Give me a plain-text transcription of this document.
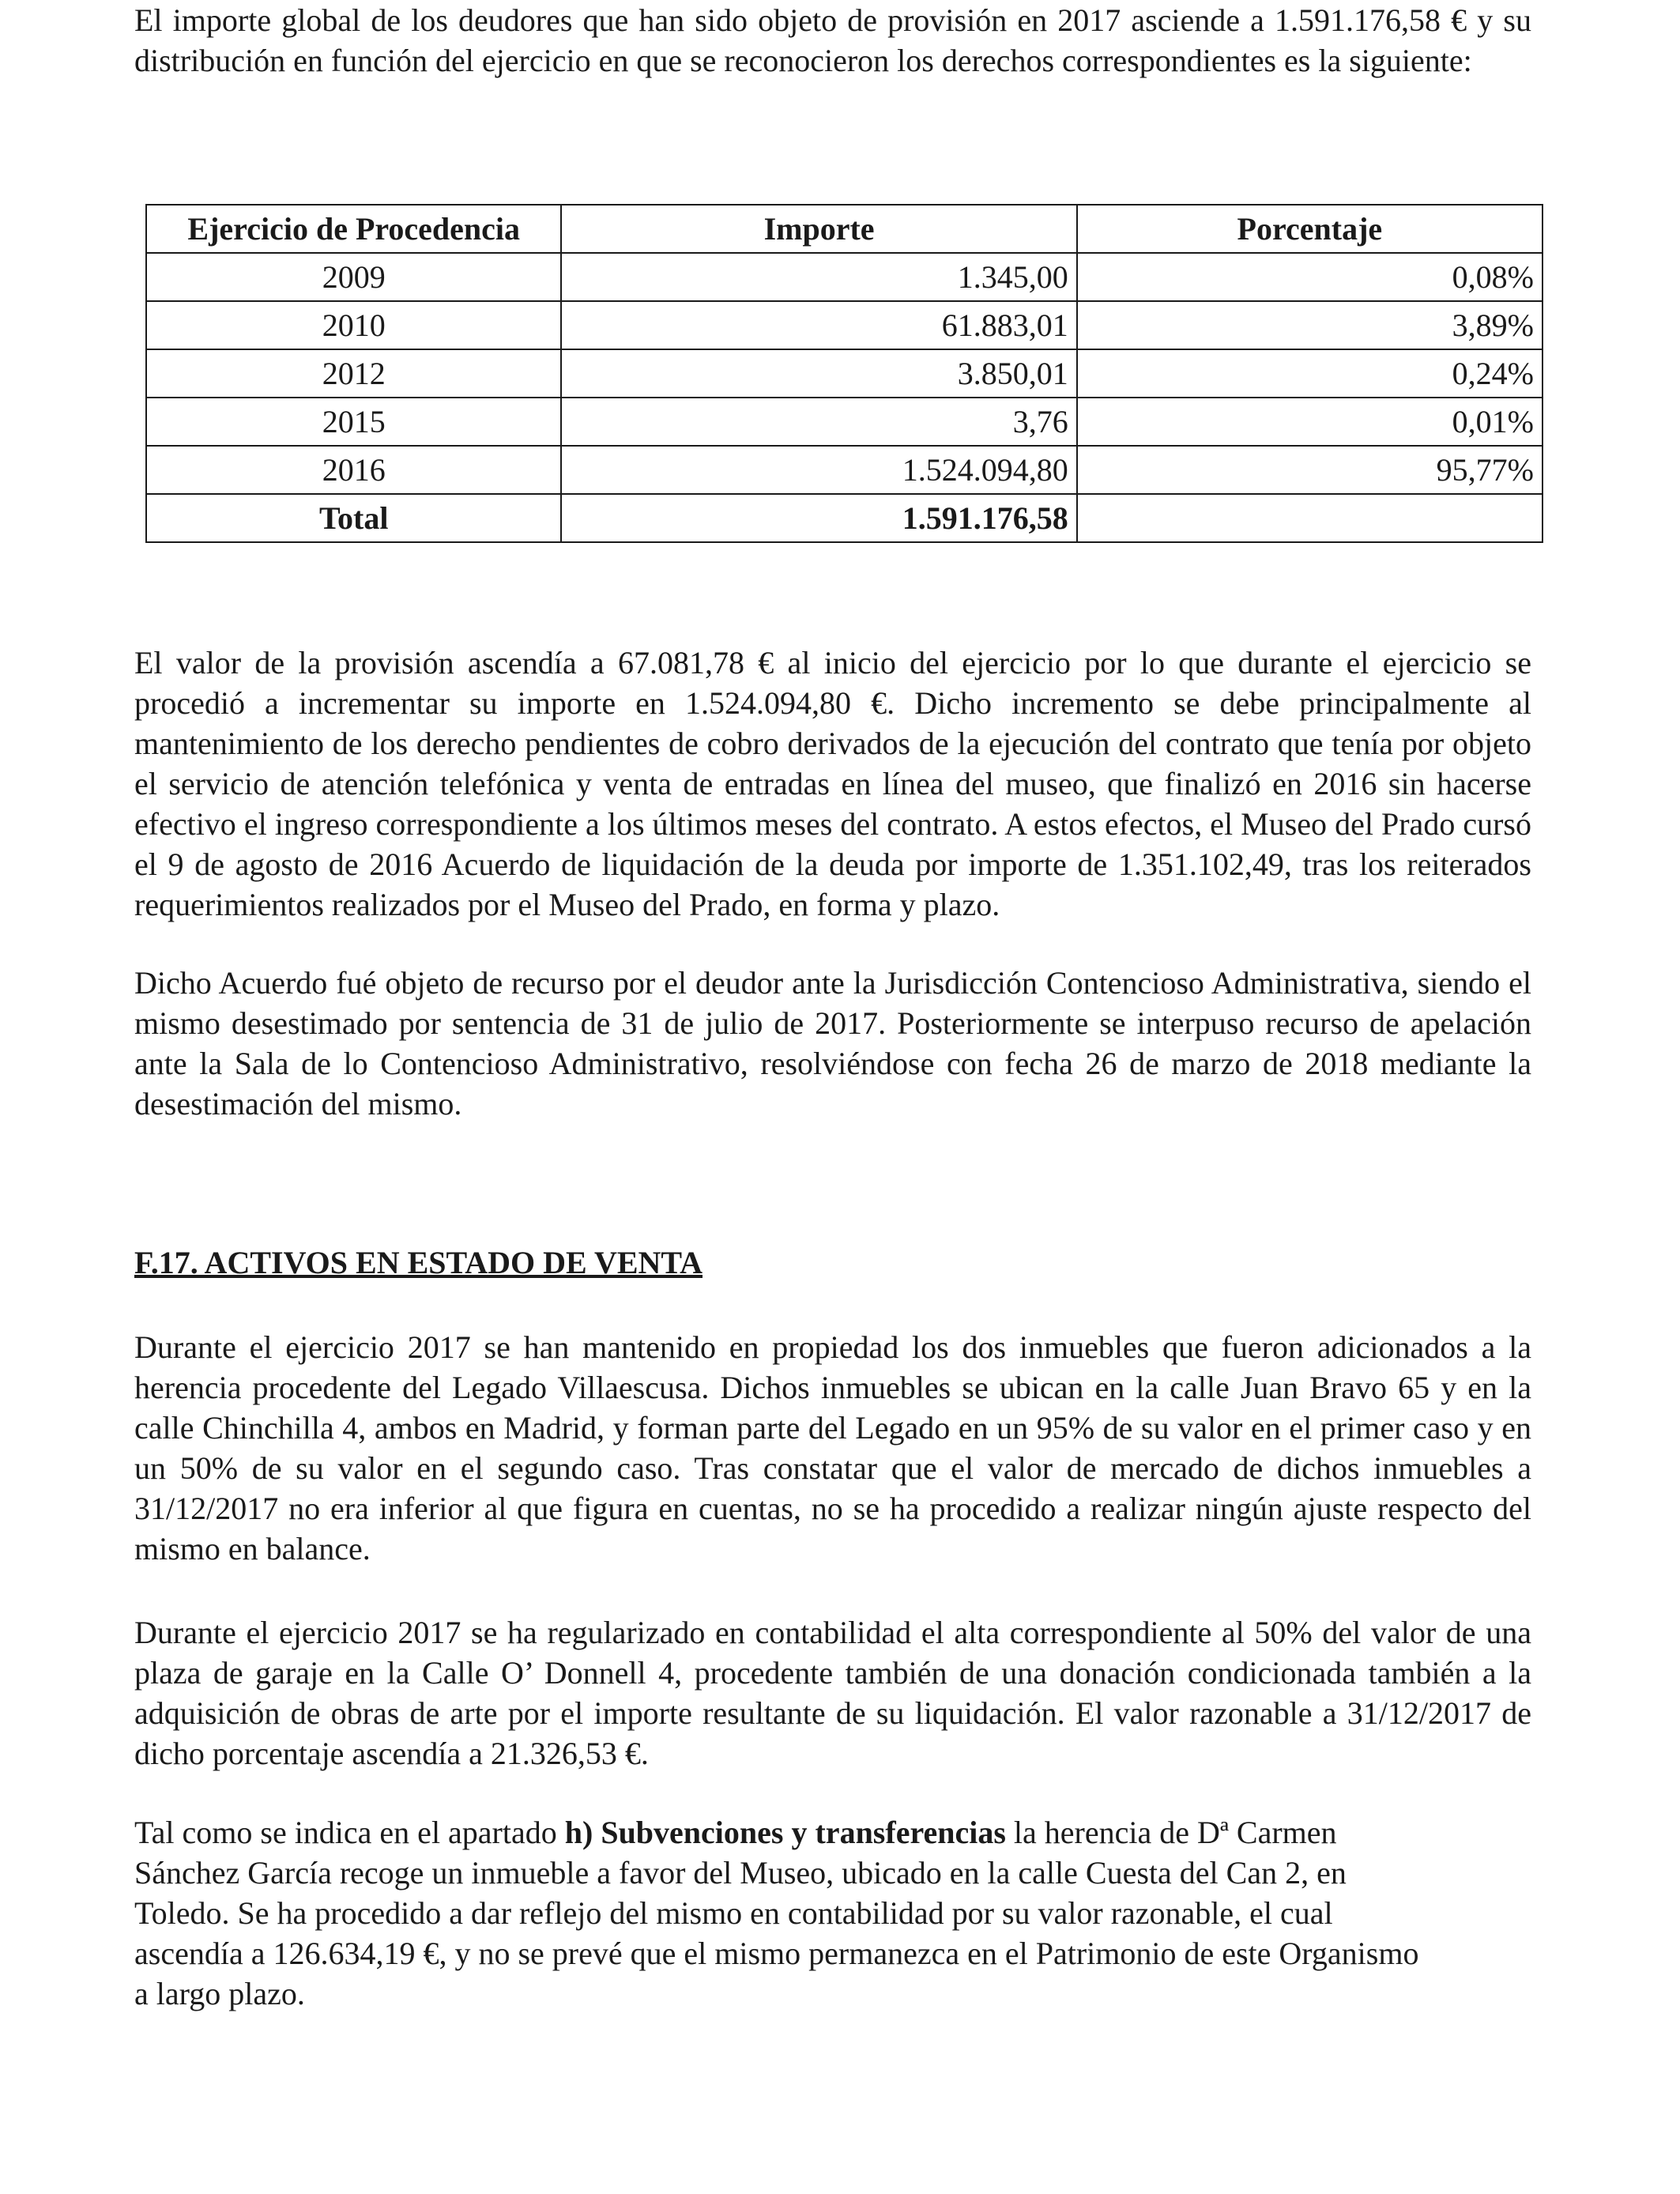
El importe global de los deudores que han sido objeto de provisión en 2017 asciende a 1.591.176,58 € y su distribución en función del ejercicio en que se reconocieron los derechos correspondientes es la siguiente:

Ejercicio de Procedencia	Importe	Porcentaje
2009	1.345,00	0,08%
2010	61.883,01	3,89%
2012	3.850,01	0,24%
2015	3,76	0,01%
2016	1.524.094,80	95,77%
Total	1.591.176,58	

El valor de la provisión ascendía a 67.081,78 € al inicio del ejercicio por lo que durante el ejercicio se procedió a incrementar su importe en 1.524.094,80 €. Dicho incremento se debe principalmente al mantenimiento de los derecho pendientes de cobro derivados de la ejecución del contrato que tenía por objeto el servicio de atención telefónica y venta de entradas en línea del museo, que finalizó en 2016 sin hacerse efectivo el ingreso correspondiente a los últimos meses del contrato. A estos efectos, el Museo del Prado cursó el 9 de agosto de 2016 Acuerdo de liquidación de la deuda por importe de 1.351.102,49, tras los reiterados requerimientos realizados por el Museo del Prado, en forma y plazo.

Dicho Acuerdo fué objeto de recurso por el deudor ante la Jurisdicción Contencioso Administrativa, siendo el mismo desestimado por sentencia de 31 de julio de 2017. Posteriormente se interpuso recurso de apelación ante la Sala de lo Contencioso Administrativo, resolviéndose con fecha 26 de marzo de 2018 mediante la desestimación del mismo.

F.17. ACTIVOS EN ESTADO DE VENTA

Durante el ejercicio 2017 se han mantenido en propiedad los dos inmuebles que fueron adicionados a la herencia procedente del Legado Villaescusa. Dichos inmuebles se ubican en la calle Juan Bravo 65 y en la calle Chinchilla 4, ambos en Madrid, y forman parte del Legado en un 95% de su valor en el primer caso y en un 50% de su valor en el segundo caso. Tras constatar que el valor de mercado de dichos inmuebles a 31/12/2017 no era inferior al que figura en cuentas, no se ha procedido a realizar ningún ajuste respecto del mismo en balance.

Durante el ejercicio 2017 se ha regularizado en contabilidad el alta correspondiente al 50% del valor de una plaza de garaje en la Calle O’ Donnell 4, procedente también de una donación condicionada también a la adquisición de obras de arte por el importe resultante de su liquidación. El valor razonable a 31/12/2017 de dicho porcentaje ascendía a 21.326,53 €.

Tal como se indica en el apartado h) Subvenciones y transferencias la herencia de Dª Carmen Sánchez García recoge un inmueble a favor del Museo, ubicado en la calle Cuesta del Can 2, en Toledo. Se ha procedido a dar reflejo del mismo en contabilidad por su valor razonable, el cual ascendía a 126.634,19 €, y no se prevé que el mismo permanezca en el Patrimonio de este Organismo a largo plazo.
